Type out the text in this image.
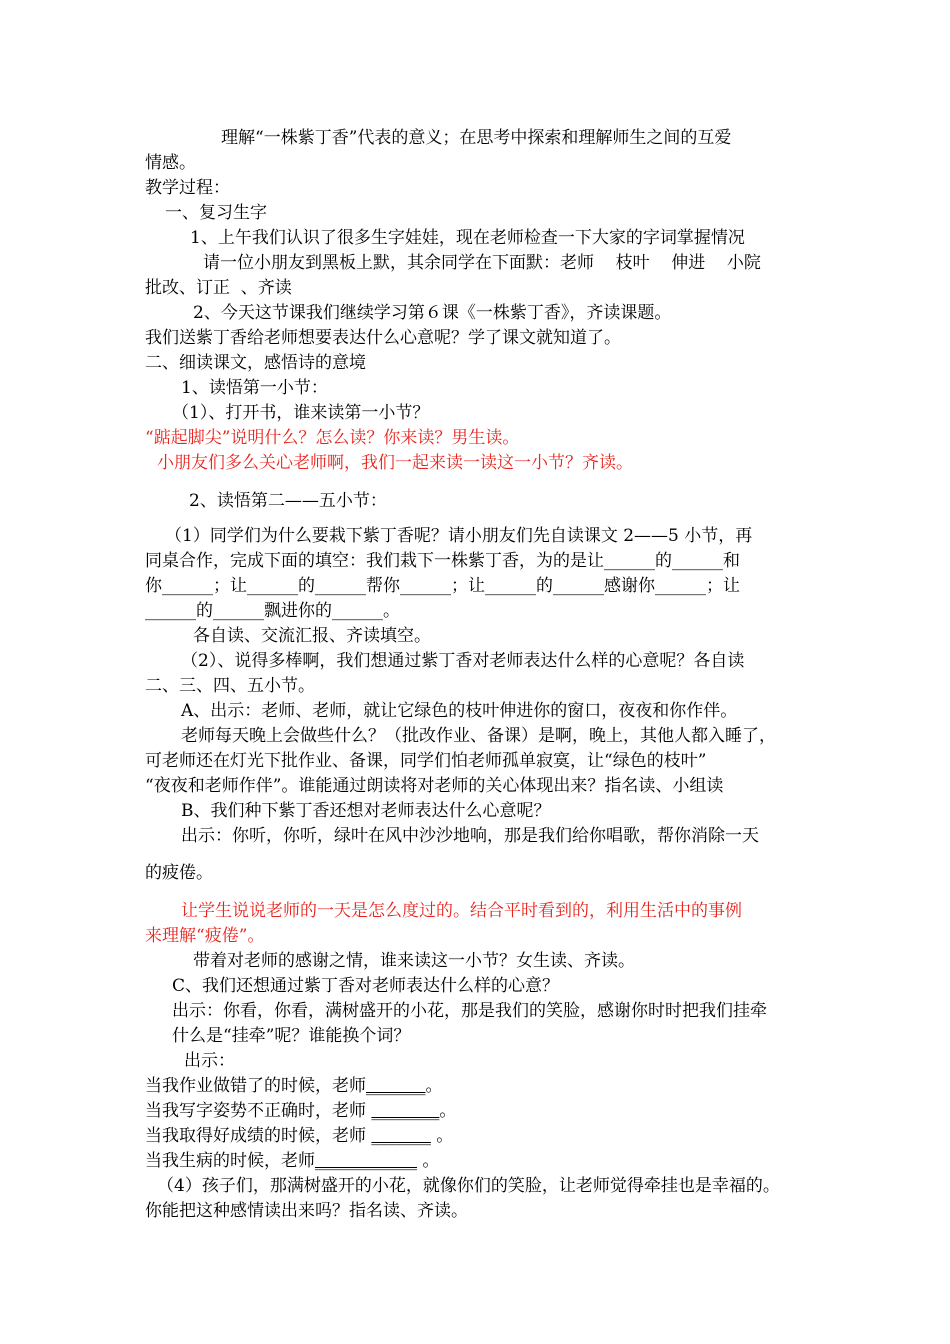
理解“一株紫丁香”代表的意义；在思考中探索和理解师生之间的互爱
情感。
教学过程：
一、复习生字
1、上午我们认识了很多生字娃娃，现在老师检查一下大家的字词掌握情况
请一位小朋友到黑板上默，其余同学在下面默：老师    枝叶    伸进    小院
批改、订正  、齐读
2、今天这节课我们继续学习第６课《一株紫丁香》，齐读课题。
我们送紫丁香给老师想要表达什么心意呢？学了课文就知道了。
二、细读课文，感悟诗的意境
1、读悟第一小节：
（1）、打开书，谁来读第一小节？
“踮起脚尖”说明什么？怎么读？你来读？男生读。
小朋友们多么关心老师啊，我们一起来读一读这一小节？齐读。
2、读悟第二——五小节：
（1）同学们为什么要栽下紫丁香呢？请小朋友们先自读课文 2——5 小节，再
同桌合作，完成下面的填空：我们栽下一株紫丁香，为的是让______的______和
你______；让______的______帮你______；让______的______感谢你______；让
______的______飘进你的______。
各自读、交流汇报、齐读填空。
（2）、说得多棒啊，我们想通过紫丁香对老师表达什么样的心意呢？各自读
二、三、四、五小节。
A、出示：老师、老师，就让它绿色的枝叶伸进你的窗口，夜夜和你作伴。
老师每天晚上会做些什么？（批改作业、备课）是啊，晚上，其他人都入睡了，
可老师还在灯光下批作业、备课，同学们怕老师孤单寂寞，让“绿色的枝叶”
“夜夜和老师作伴”。谁能通过朗读将对老师的关心体现出来？指名读、小组读
B、我们种下紫丁香还想对老师表达什么心意呢？
出示：你听，你听，绿叶在风中沙沙地响，那是我们给你唱歌，帮你消除一天
的疲倦。
让学生说说老师的一天是怎么度过的。结合平时看到的，利用生活中的事例
来理解“疲倦”。
带着对老师的感谢之情，谁来读这一小节？女生读、齐读。
C、我们还想通过紫丁香对老师表达什么样的心意？
出示：你看，你看，满树盛开的小花，那是我们的笑脸，感谢你时时把我们挂牵
什么是“挂牵”呢？谁能换个词？
出示：
当我作业做错了的时候，老师_______。
当我写字姿势不正确时，老师 ________。
当我取得好成绩的时候，老师 _______ 。
当我生病的时候，老师____________ 。
（4）孩子们，那满树盛开的小花，就像你们的笑脸，让老师觉得牵挂也是幸福的。
你能把这种感情读出来吗？指名读、齐读。
